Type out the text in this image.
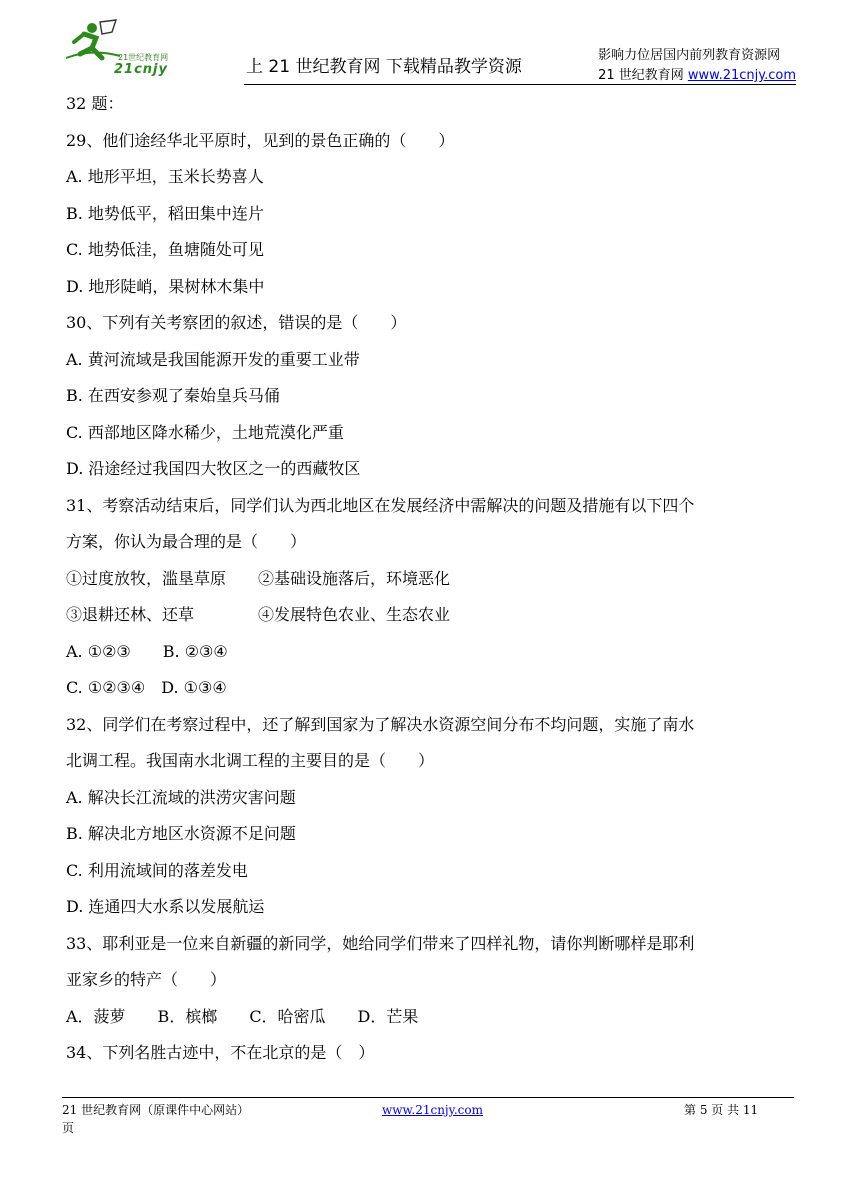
21世纪教育网
21cnjy	上 21 世纪教育网 下载精品教学资源
影响力位居国内前列教育资源网
21 世纪教育网 www.21cnjy.com
32 题：
29、他们途经华北平原时，见到的景色正确的（　　）
A. 地形平坦，玉米长势喜人
B. 地势低平，稻田集中连片
C. 地势低洼，鱼塘随处可见
D. 地形陡峭，果树林木集中
30、下列有关考察团的叙述，错误的是（　　）
A. 黄河流域是我国能源开发的重要工业带
B. 在西安参观了秦始皇兵马俑
C. 西部地区降水稀少，土地荒漠化严重
D. 沿途经过我国四大牧区之一的西藏牧区
31、考察活动结束后，同学们认为西北地区在发展经济中需解决的问题及措施有以下四个
方案，你认为最合理的是（　　）
①过度放牧，滥垦草原　　②基础设施落后，环境恶化
③退耕还林、还草　　　　④发展特色农业、生态农业
A. ①②③　　B. ②③④
C. ①②③④　D. ①③④
32、同学们在考察过程中，还了解到国家为了解决水资源空间分布不均问题，实施了南水
北调工程。我国南水北调工程的主要目的是（　　）
A. 解决长江流域的洪涝灾害问题
B. 解决北方地区水资源不足问题
C. 利用流域间的落差发电
D. 连通四大水系以发展航运
33、耶利亚是一位来自新疆的新同学，她给同学们带来了四样礼物，请你判断哪样是耶利
亚家乡的特产（　　）
A．菠萝　　B．槟榔　　C．哈密瓜　　D．芒果
34、下列名胜古迹中，不在北京的是（　）
21 世纪教育网（原课件中心网站）	www.21cnjy.com	第 5 页 共 11
页
